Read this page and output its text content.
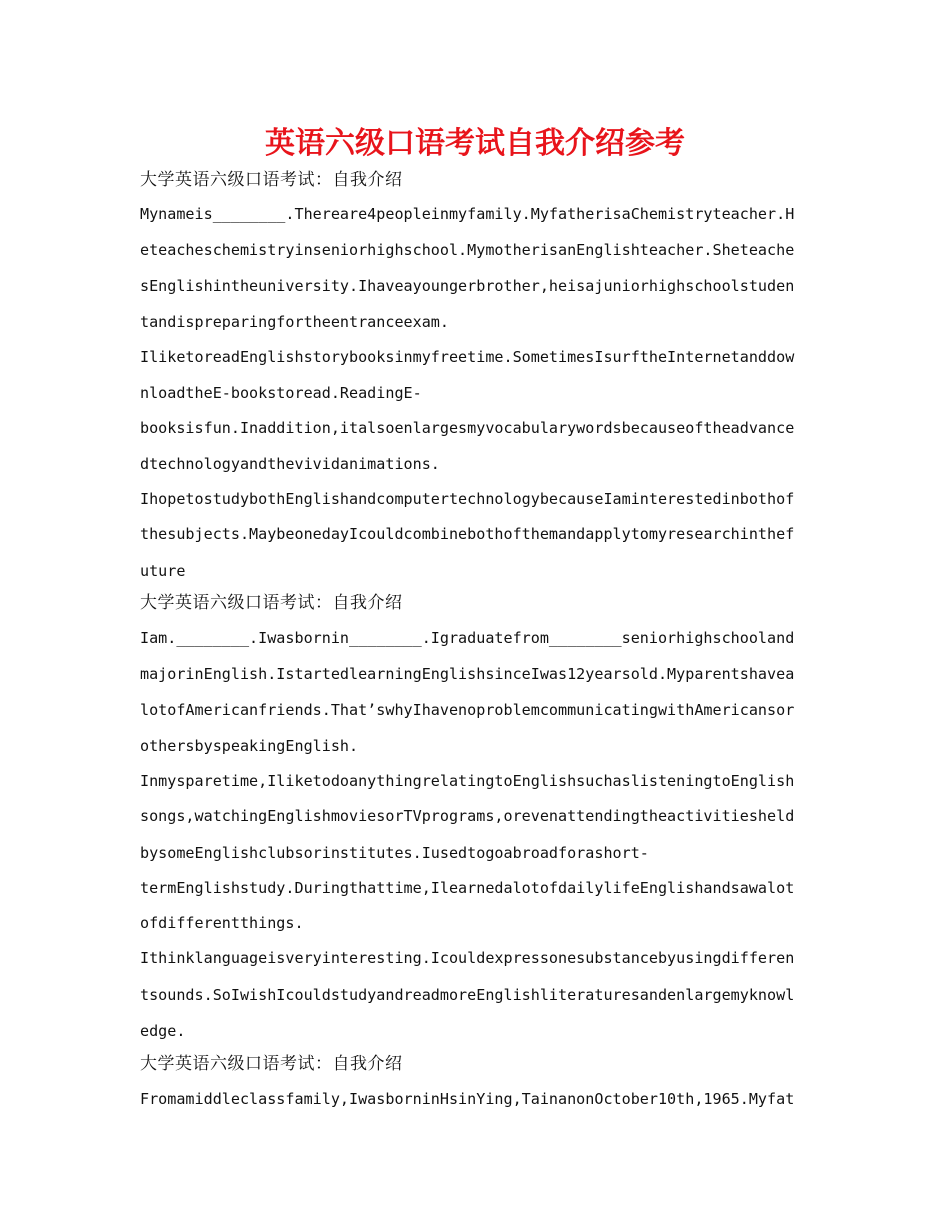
英语六级口语考试自我介绍参考
大学英语六级口语考试：自我介绍
Mynameis________.Thereare4peopleinmyfamily.MyfatherisaChemistryteacher.H
eteacheschemistryinseniorhighschool.MymotherisanEnglishteacher.Sheteache
sEnglishintheuniversity.Ihaveayoungerbrother,heisajuniorhighschoolstuden
tandispreparingfortheentranceexam.
IliketoreadEnglishstorybooksinmyfreetime.SometimesIsurftheInternetanddow
nloadtheE-bookstoread.ReadingE-
booksisfun.Inaddition,italsoenlargesmyvocabularywordsbecauseoftheadvance
dtechnologyandthevividanimations.
IhopetostudybothEnglishandcomputertechnologybecauseIaminterestedinbothof
thesubjects.MaybeonedayIcouldcombinebothofthemandapplytomyresearchinthef
uture
大学英语六级口语考试：自我介绍
Iam.________.Iwasbornin________.Igraduatefrom________seniorhighschooland
majorinEnglish.IstartedlearningEnglishsinceIwas12yearsold.Myparentshavea
lotofAmericanfriends.That’swhyIhavenoproblemcommunicatingwithAmericansor
othersbyspeakingEnglish.
Inmysparetime,IliketodoanythingrelatingtoEnglishsuchaslisteningtoEnglish
songs,watchingEnglishmoviesorTVprograms,orevenattendingtheactivitiesheld
bysomeEnglishclubsorinstitutes.Iusedtogoabroadforashort-
termEnglishstudy.Duringthattime,IlearnedalotofdailylifeEnglishandsawalot
ofdifferentthings.
Ithinklanguageisveryinteresting.Icouldexpressonesubstancebyusingdifferen
tsounds.SoIwishIcouldstudyandreadmoreEnglishliteraturesandenlargemyknowl
edge.
大学英语六级口语考试：自我介绍
Fromamiddleclassfamily,IwasborninHsinYing,TainanonOctober10th,1965.Myfat
